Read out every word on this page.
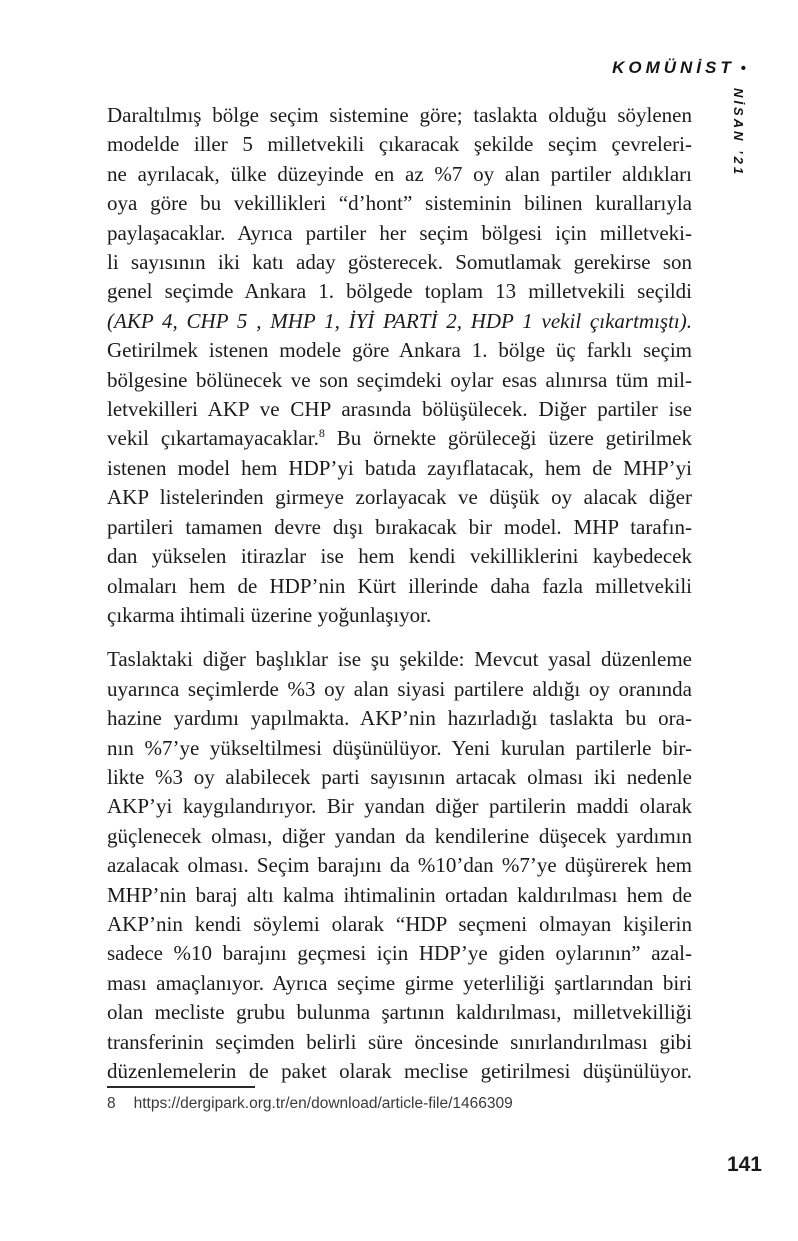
KOMÜNİST •
NİSAN ’21
Daraltılmış bölge seçim sistemine göre; taslakta olduğu söylenen
modelde iller 5 milletvekili çıkaracak şekilde seçim çevreleri-
ne ayrılacak, ülke düzeyinde en az %7 oy alan partiler aldıkları
oya göre bu vekillikleri “d’hont” sisteminin bilinen kurallarıyla
paylaşacaklar. Ayrıca partiler her seçim bölgesi için milletveki-
li sayısının iki katı aday gösterecek. Somutlamak gerekirse son
genel seçimde Ankara 1. bölgede toplam 13 milletvekili seçildi
(AKP 4, CHP 5 , MHP 1, İYİ PARTİ 2, HDP 1 vekil çıkartmıştı).
Getirilmek istenen modele göre Ankara 1. bölge üç farklı seçim
bölgesine bölünecek ve son seçimdeki oylar esas alınırsa tüm mil-
letvekilleri AKP ve CHP arasında bölüşülecek. Diğer partiler ise
vekil çıkartamayacaklar.$^8$ Bu örnekte görüleceği üzere getirilmek
istenen model hem HDP’yi batıda zayıflatacak, hem de MHP’yi
AKP listelerinden girmeye zorlayacak ve düşük oy alacak diğer
partileri tamamen devre dışı bırakacak bir model. MHP tarafın-
dan yükselen itirazlar ise hem kendi vekilliklerini kaybedecek
olmaları hem de HDP’nin Kürt illerinde daha fazla milletvekili
çıkarma ihtimali üzerine yoğunlaşıyor.
Taslaktaki diğer başlıklar ise şu şekilde: Mevcut yasal düzenleme
uyarınca seçimlerde %3 oy alan siyasi partilere aldığı oy oranında
hazine yardımı yapılmakta. AKP’nin hazırladığı taslakta bu ora-
nın %7’ye yükseltilmesi düşünülüyor. Yeni kurulan partilerle bir-
likte %3 oy alabilecek parti sayısının artacak olması iki nedenle
AKP’yi kaygılandırıyor. Bir yandan diğer partilerin maddi olarak
güçlenecek olması, diğer yandan da kendilerine düşecek yardımın
azalacak olması. Seçim barajını da %10’dan %7’ye düşürerek hem
MHP’nin baraj altı kalma ihtimalinin ortadan kaldırılması hem de
AKP’nin kendi söylemi olarak “HDP seçmeni olmayan kişilerin
sadece %10 barajını geçmesi için HDP’ye giden oylarının” azal-
ması amaçlanıyor. Ayrıca seçime girme yeterliliği şartlarından biri
olan mecliste grubu bulunma şartının kaldırılması, milletvekilliği
transferinin seçimden belirli süre öncesinde sınırlandırılması gibi
düzenlemelerin de paket olarak meclise getirilmesi düşünülüyor.
8 https://dergipark.org.tr/en/download/article-file/1466309
141
